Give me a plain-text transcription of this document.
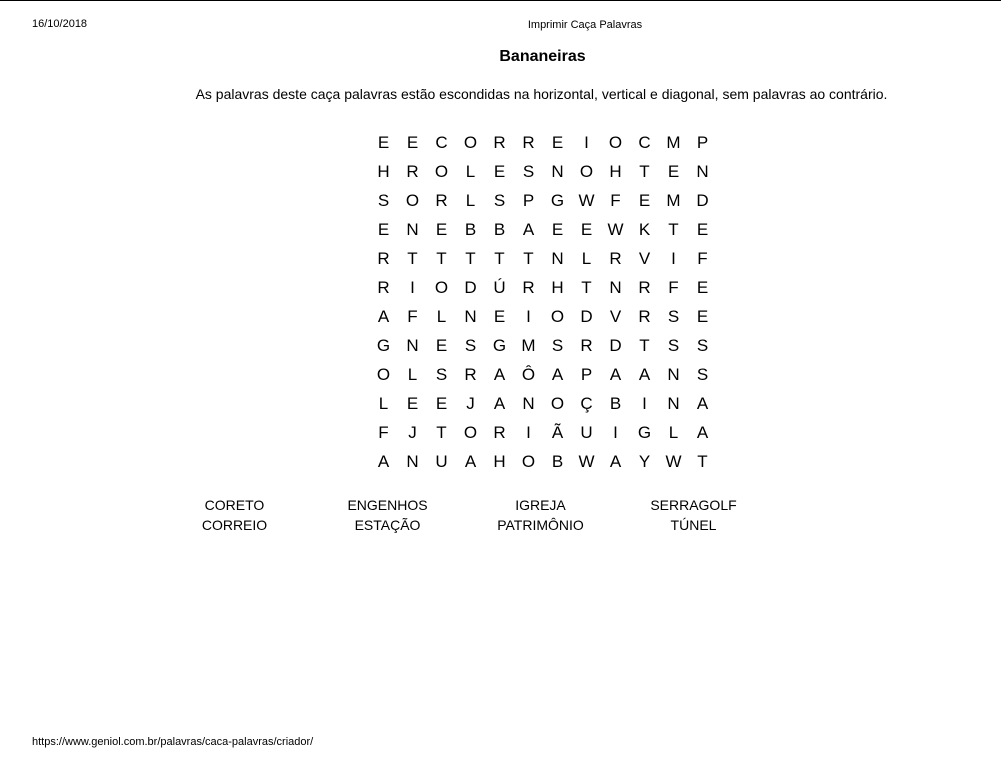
16/10/2018	Imprimir Caça Palavras
Bananeiras
As palavras deste caça palavras estão escondidas na horizontal, vertical e diagonal, sem palavras ao contrário.
E	E	C O R R	E	I	O C M P
H R O	L	E	S	N O H	T	E	N
S O R	L	S	P G W F	E M D
E	N	E	B	B	A	E	E W K	T	E
R	T	T	T	T	T	N	L	R	V	I	F
R	I	O D Ú R H	T	N R	F	E
A	F	L	N	E	I	O D	V	R	S	E
G N	E	S G M S	R D	T	S	S
O	L	S	R	A Ô A	P	A	A	N	S
L	E	E	J	A	N O Ç	B	I	N	A
F	J	T	O R	I	Ã	U	I	G	L	A
A	N U	A	H O B W A	Y W T
CORETO	ENGENHOS	IGREJA	SERRAGOLF
CORREIO	ESTAÇÃO	PATRIMÔNIO	TÚNEL
https://www.geniol.com.br/palavras/caca-palavras/criador/
